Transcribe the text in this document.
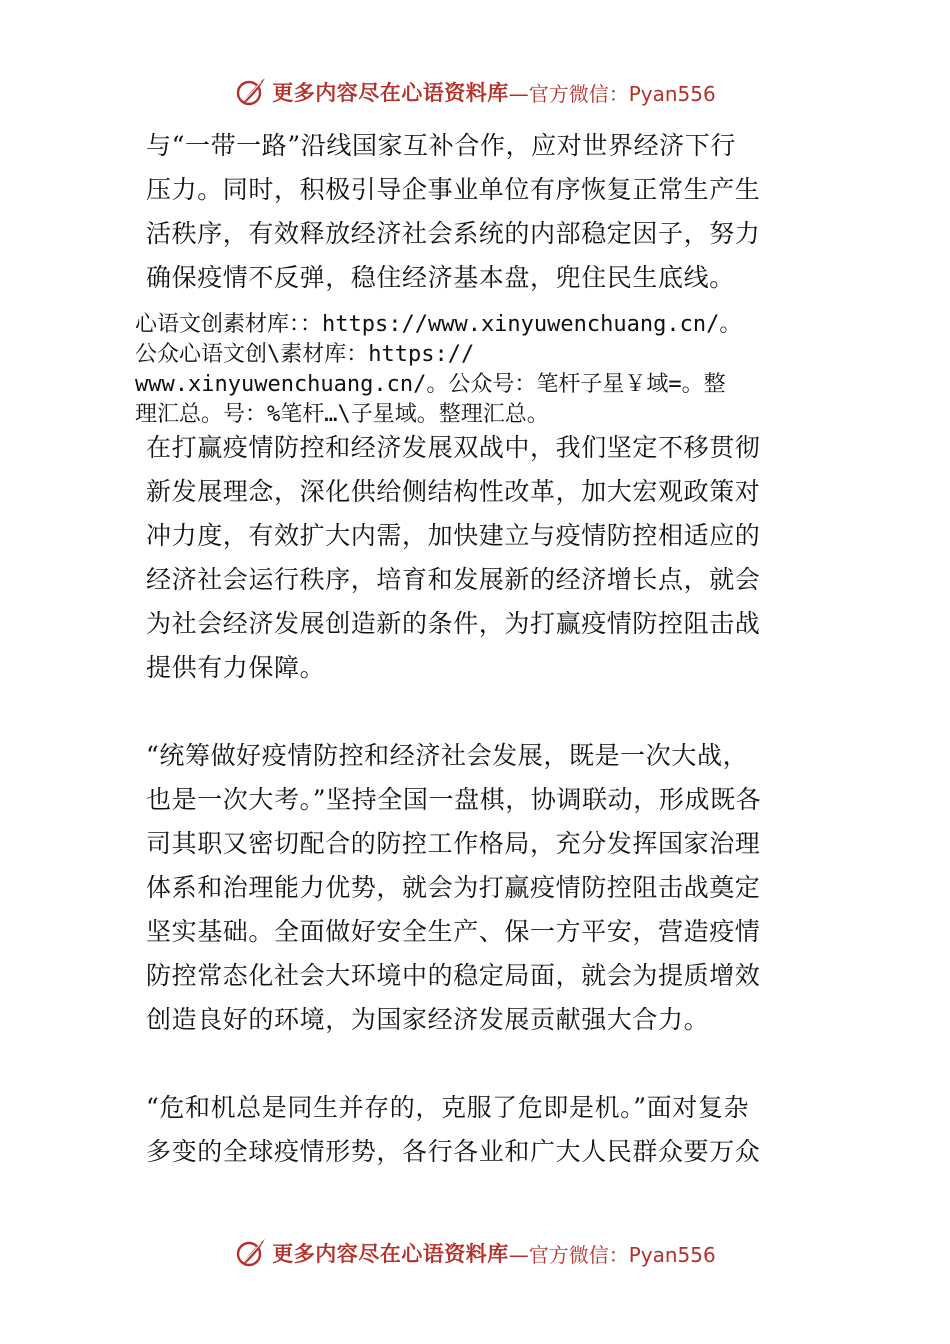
更多内容尽在心语资料库 —官方微信：Pyan556
与“一带一路”沿线国家互补合作，应对世界经济下行
压力。同时，积极引导企事业单位有序恢复正常生产生
活秩序，有效释放经济社会系统的内部稳定因子，努力
确保疫情不反弹，稳住经济基本盘，兜住民生底线。
心语文创素材库：：https://www.xinyuwenchuang.cn/。
公众心语文创\素材库：https://
www.xinyuwenchuang.cn/。公众号：笔杆子星￥域=。整
理汇总。号：%笔杆…\子星域。整理汇总。
在打赢疫情防控和经济发展双战中，我们坚定不移贯彻
新发展理念，深化供给侧结构性改革，加大宏观政策对
冲力度，有效扩大内需，加快建立与疫情防控相适应的
经济社会运行秩序，培育和发展新的经济增长点，就会
为社会经济发展创造新的条件，为打赢疫情防控阻击战
提供有力保障。
“统筹做好疫情防控和经济社会发展，既是一次大战，
也是一次大考。”坚持全国一盘棋，协调联动，形成既各
司其职又密切配合的防控工作格局，充分发挥国家治理
体系和治理能力优势，就会为打赢疫情防控阻击战奠定
坚实基础。全面做好安全生产、保一方平安，营造疫情
防控常态化社会大环境中的稳定局面，就会为提质增效
创造良好的环境，为国家经济发展贡献强大合力。
“危和机总是同生并存的，克服了危即是机。”面对复杂
多变的全球疫情形势，各行各业和广大人民群众要万众
更多内容尽在心语资料库 —官方微信：Pyan556
